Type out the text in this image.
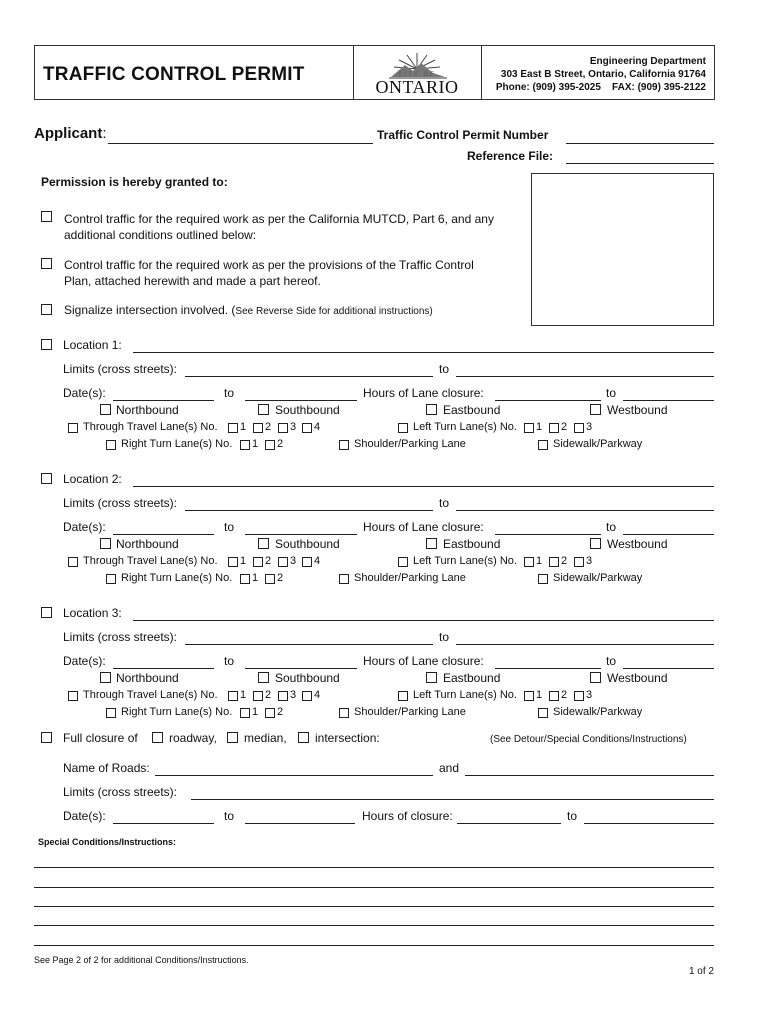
TRAFFIC CONTROL PERMIT	CITY OF
ONTARIO
Engineering Department
303 East B Street, Ontario, California 91764
Phone: (909) 395-2025 FAX: (909) 395-2122
Applicant:	Traffic Control Permit Number
Reference File:
Permission is hereby granted to:
Control traffic for the required work as per the California MUTCD, Part 6, and any
additional conditions outlined below:
Control traffic for the required work as per the provisions of the Traffic Control
Plan, attached herewith and made a part hereof.
Signalize intersection involved. (See Reverse Side for additional instructions)
Location 1:
Limits (cross streets):	to
Date(s):	to	Hours of Lane closure:	to
Northbound	Southbound	Eastbound	Westbound
Through Travel Lane(s) No. 1 2 3 4	Left Turn Lane(s) No. 1 2 3
Right Turn Lane(s) No. 1 2	Shoulder/Parking Lane	Sidewalk/Parkway
Location 2:
Limits (cross streets):	to
Date(s):	to	Hours of Lane closure:	to
Northbound	Southbound	Eastbound	Westbound
Through Travel Lane(s) No. 1 2 3 4	Left Turn Lane(s) No. 1 2 3
Right Turn Lane(s) No. 1 2	Shoulder/Parking Lane	Sidewalk/Parkway
Location 3:
Limits (cross streets):	to
Date(s):	to	Hours of Lane closure:	to
Northbound	Southbound	Eastbound	Westbound
Through Travel Lane(s) No. 1 2 3 4	Left Turn Lane(s) No. 1 2 3
Right Turn Lane(s) No. 1 2	Shoulder/Parking Lane	Sidewalk/Parkway
Full closure of	roadway, median, intersection:	(See Detour/Special Conditions/Instructions)
Name of Roads:	and
Limits (cross streets):
Date(s):	to	Hours of closure:	to
Special Conditions/Instructions:
See Page 2 of 2 for additional Conditions/Instructions.
1 of 2
